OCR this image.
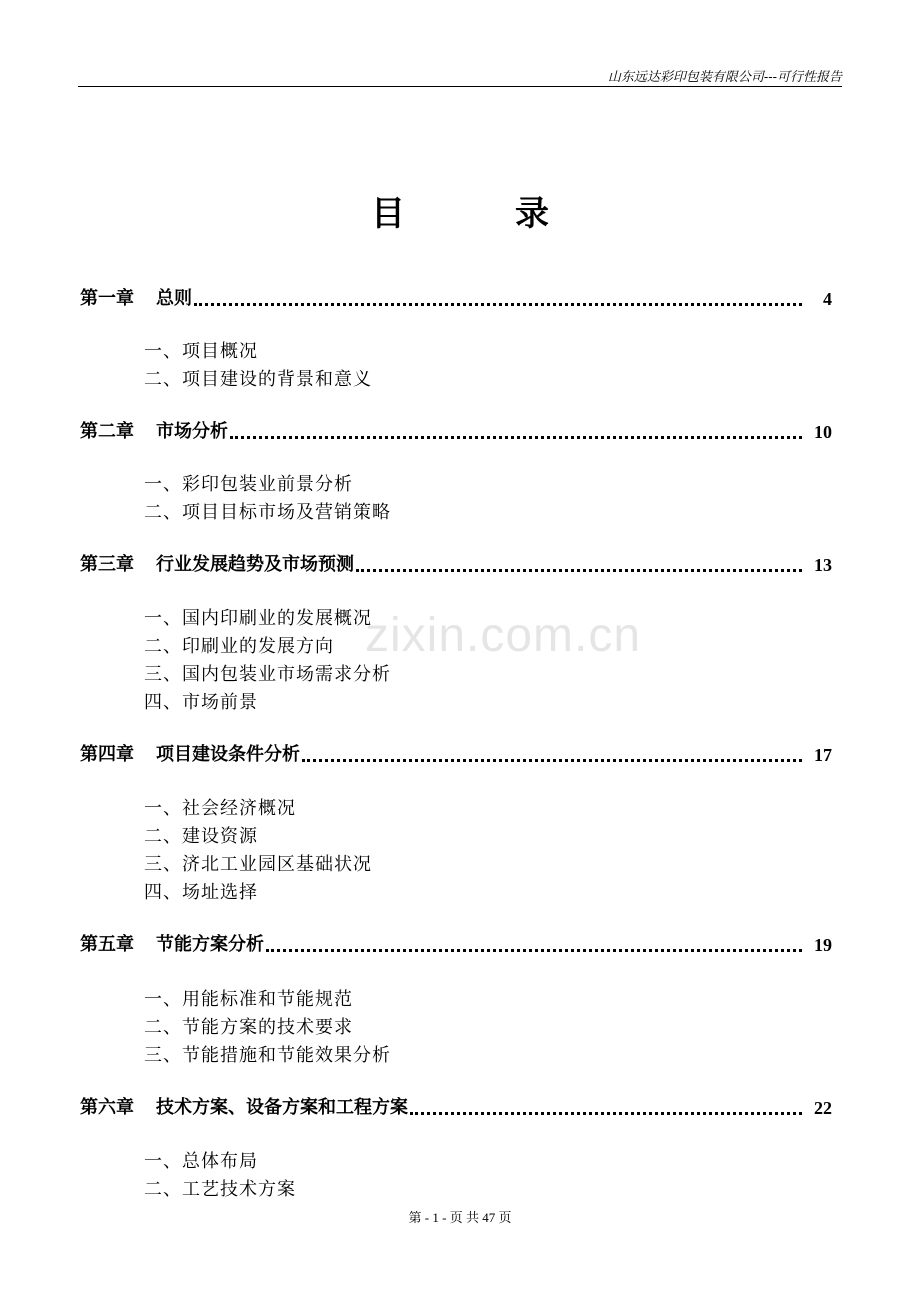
山东远达彩印包装有限公司---可行性报告
目录
第一章 总则	4
一、项目概况
二、项目建设的背景和意义
第二章 市场分析	10
一、彩印包装业前景分析
二、项目目标市场及营销策略
第三章 行业发展趋势及市场预测	13
一、国内印刷业的发展概况
二、印刷业的发展方向
三、国内包装业市场需求分析
四、市场前景
第四章 项目建设条件分析	17
一、社会经济概况
二、建设资源
三、济北工业园区基础状况
四、场址选择
第五章 节能方案分析	19
一、用能标准和节能规范
二、节能方案的技术要求
三、节能措施和节能效果分析
第六章 技术方案、设备方案和工程方案	22
一、总体布局
二、工艺技术方案
zixin.com.cn
第 - 1 - 页 共 47 页
